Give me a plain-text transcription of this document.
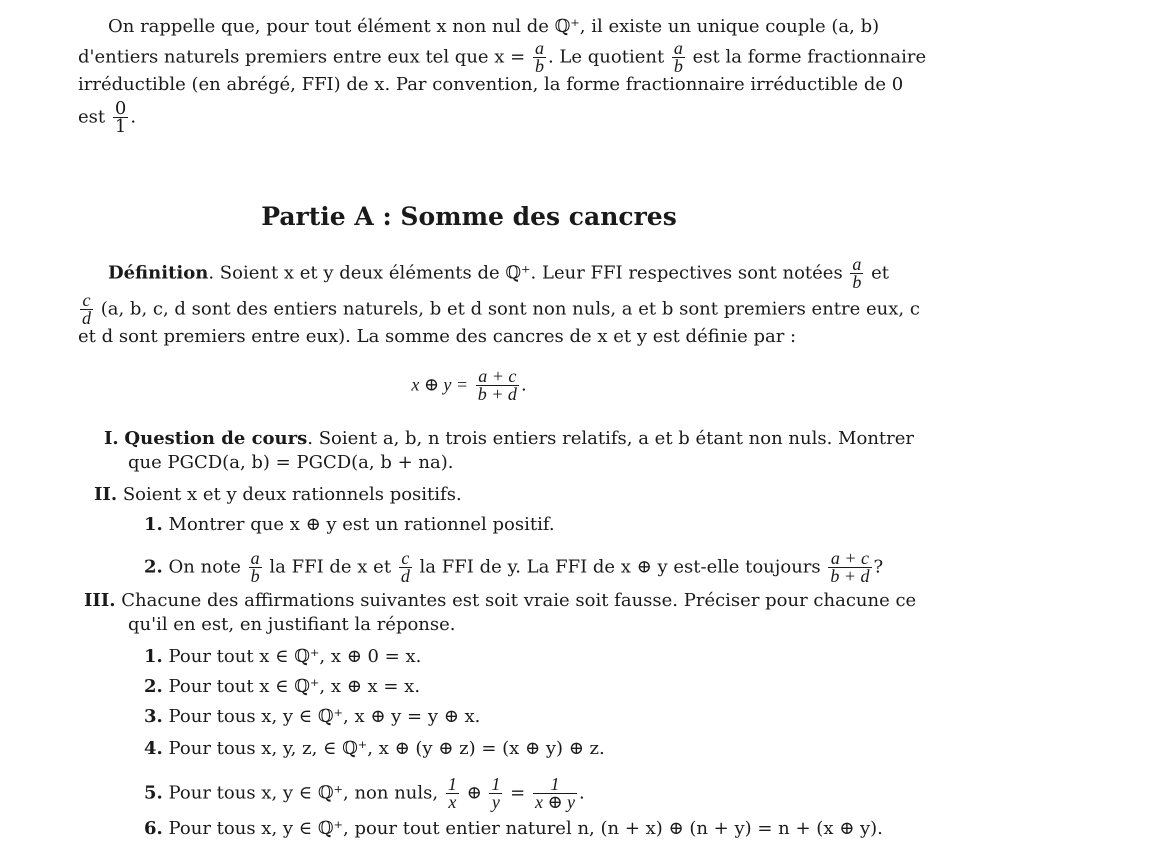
On rappelle que, pour tout élément x non nul de ℚ⁺, il existe un unique couple (a, b)
d'entiers naturels premiers entre eux tel que $x = \frac{a}{b}$ . Le quotient $\frac{a}{b}$ est la forme fractionnaire
irréductible (en abrégé, FFI) de x. Par convention, la forme fractionnaire irréductible de 0
est $\frac{0}{1}$ .
Partie A : Somme des cancres
Définition. Soient x et y deux éléments de ℚ⁺. Leur FFI respectives sont notées $\frac{a}{b}$ et
$\frac{c}{d} (a$, b, c, d sont des entiers naturels, b et d sont non nuls, a et b sont premiers entre eux, c
et d sont premiers entre eux). La somme des cancres de x et y est définie par :
x ⊕ $y = \frac{a + c}{b + d}$ .
I. Question de cours. Soient a, b, n trois entiers relatifs, a et b étant non nuls. Montrer
que PGCD(a, b) = PGCD(a, b + na).
II. Soient x et y deux rationnels positifs.
1. Montrer que x ⊕ y est un rationnel positif.
2. On note $\frac{a}{b}$ la FFI de x et $\frac{c}{d}$ la FFI de y. La FFI de x ⊕ y est-elle toujours $\frac{a + c}{b + d}$ ?
III. Chacune des affirmations suivantes est soit vraie soit fausse. Préciser pour chacune ce
qu'il en est, en justifiant la réponse.
1. Pour tout x ∈ ℚ⁺, x ⊕ 0 = x.
2. Pour tout x ∈ ℚ⁺, x ⊕ x = x.
3. Pour tous x, y ∈ ℚ⁺, x ⊕ y = y ⊕ x.
4. Pour tous x, y, z, ∈ ℚ⁺, x ⊕ (y ⊕ z) = (x ⊕ y) ⊕ z.
5. Pour tous x, y ∈ ℚ⁺, non nuls, $\frac{1}{x}$ ⊕ $\frac{1}{y} = \frac{1}{x \oplus y}$ .
6. Pour tous x, y ∈ ℚ⁺, pour tout entier naturel n, (n + x) ⊕ (n + y) = n + (x ⊕ y).
